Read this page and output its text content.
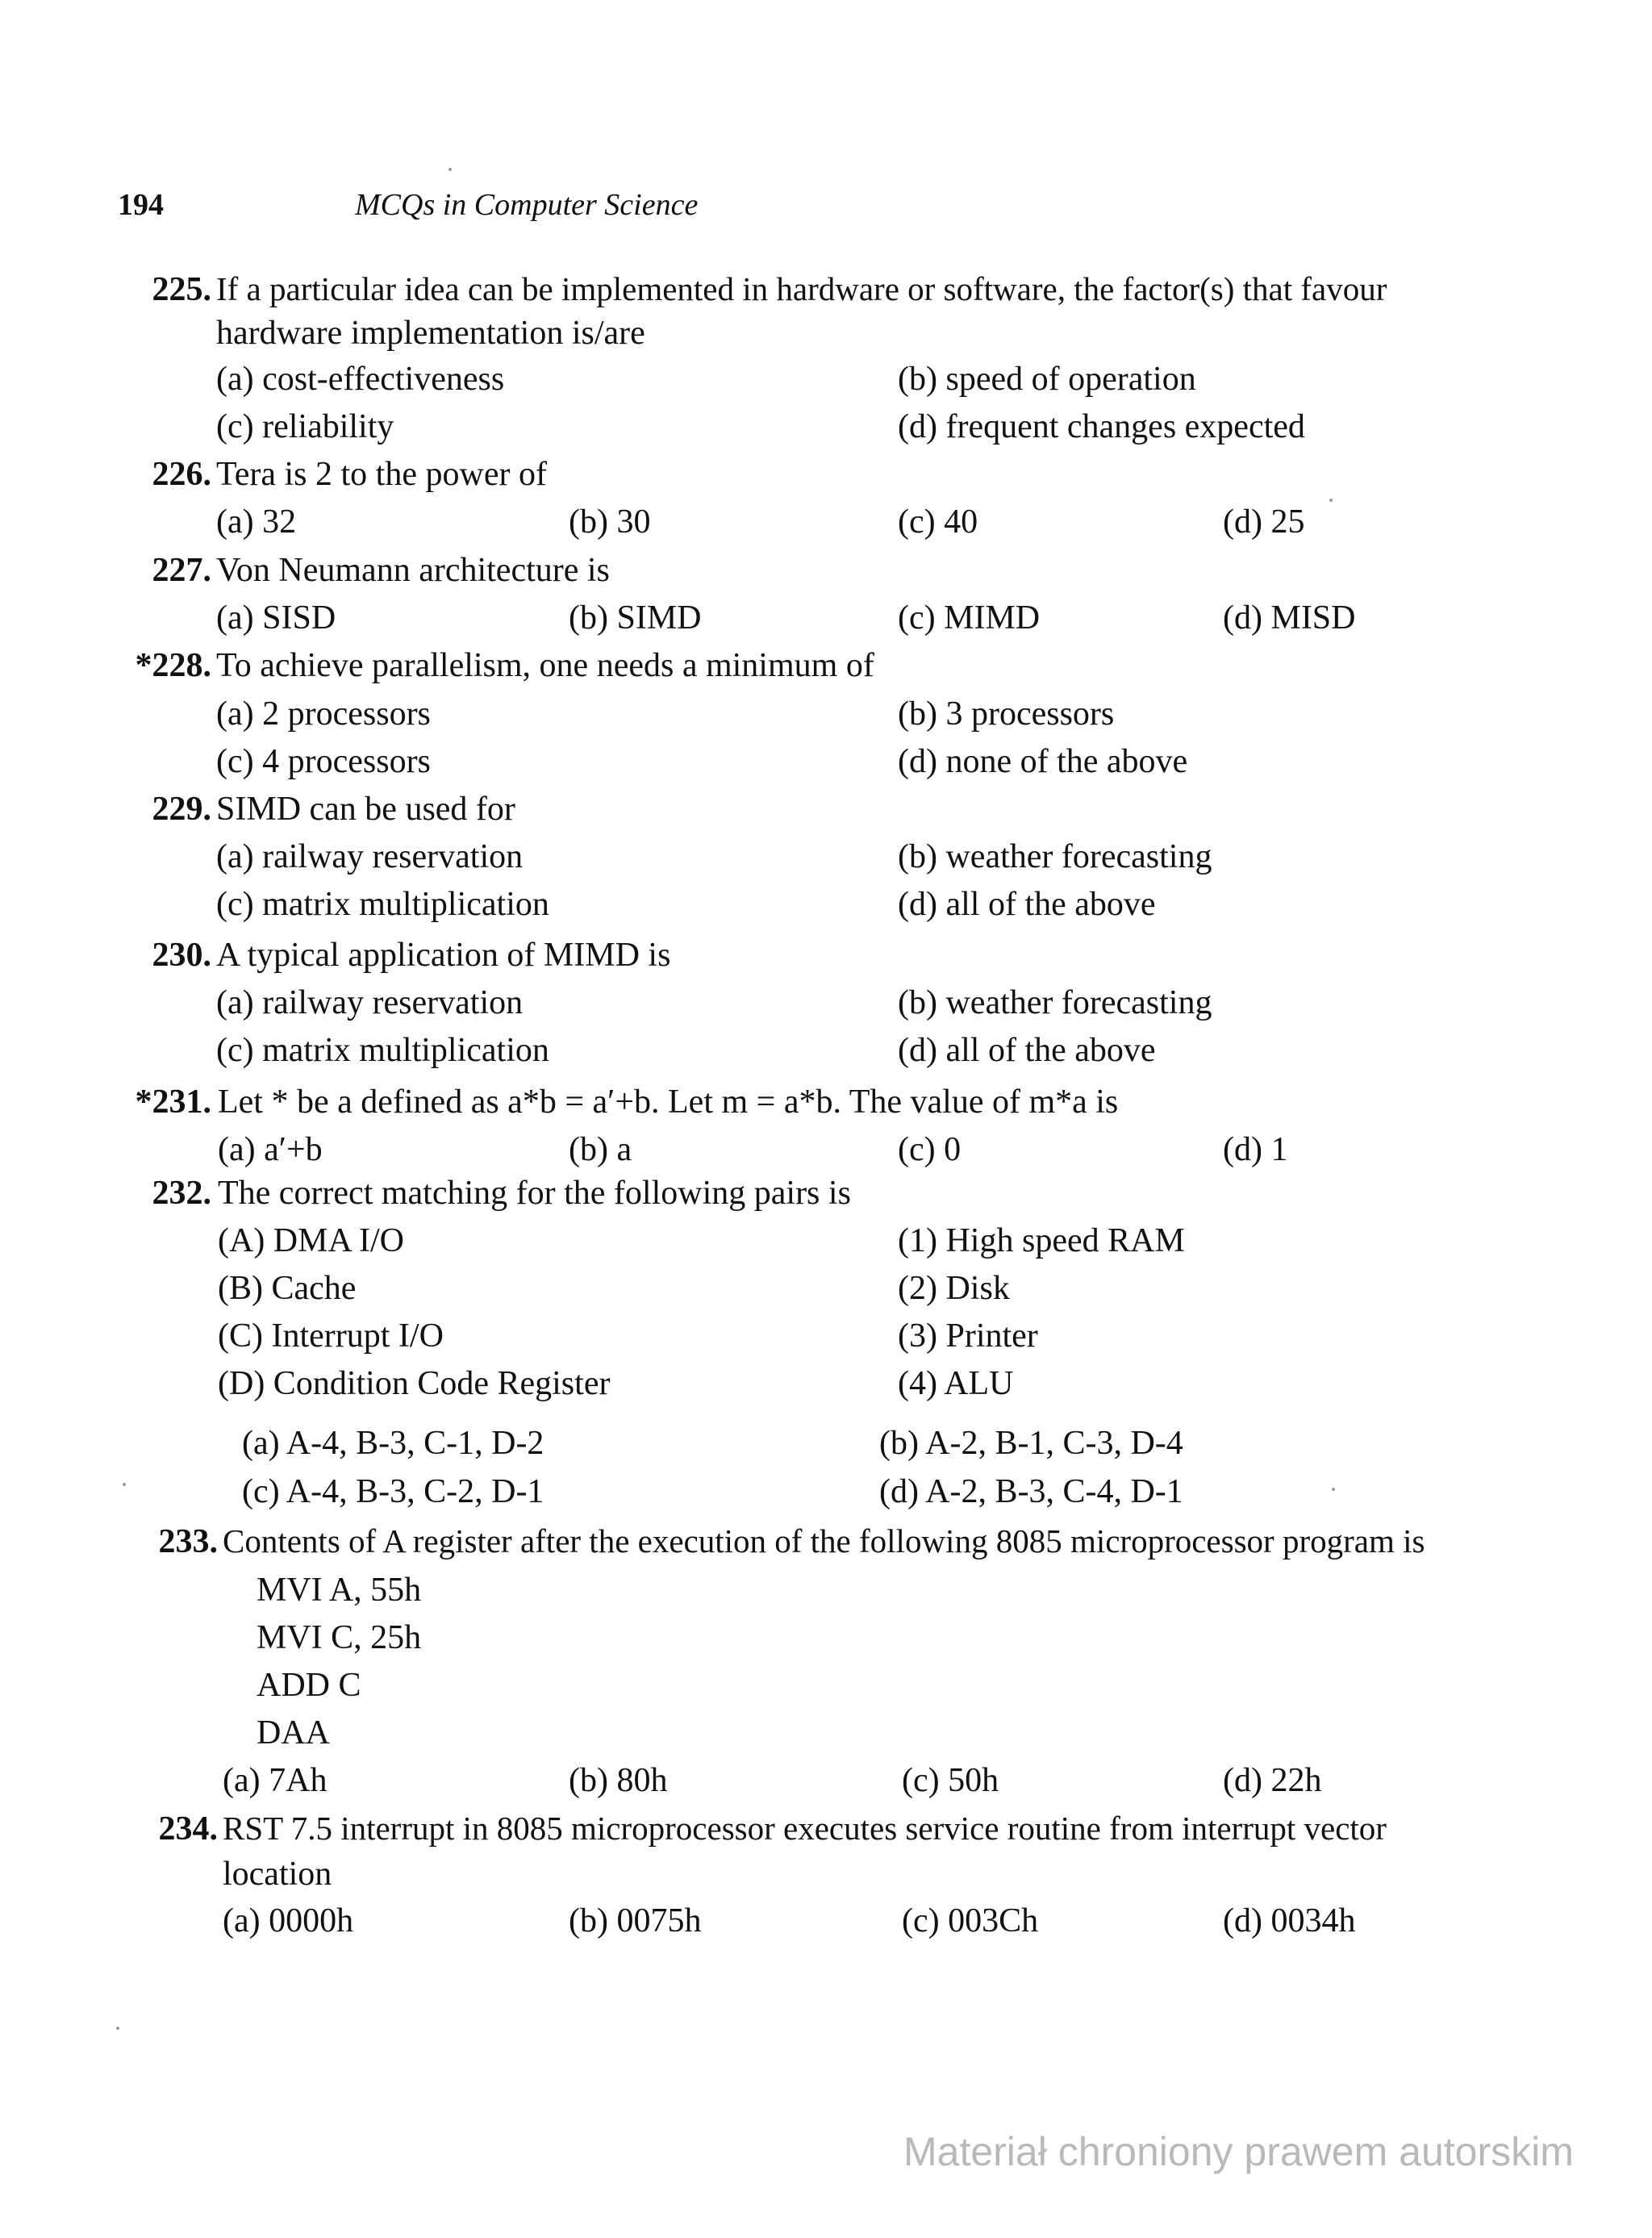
194	MCQs in Computer Science
225. If a particular idea can be implemented in hardware or software, the factor(s) that favour
hardware implementation is/are
(a) cost-effectiveness	(b) speed of operation
(c) reliability	(d) frequent changes expected
226. Tera is 2 to the power of
(a) 32	(b) 30	(c) 40	(d) 25
227. Von Neumann architecture is
(a) SISD	(b) SIMD	(c) MIMD	(d) MISD
*228. To achieve parallelism, one needs a minimum of
(a) 2 processors	(b) 3 processors
(c) 4 processors	(d) none of the above
229. SIMD can be used for
(a) railway reservation	(b) weather forecasting
(c) matrix multiplication	(d) all of the above
230. A typical application of MIMD is
(a) railway reservation	(b) weather forecasting
(c) matrix multiplication	(d) all of the above
*231. Let * be a defined as a*b = a′+b. Let m = a*b. The value of m*a is
(a) a′+b	(b) a	(c) 0	(d) 1
232. The correct matching for the following pairs is
(A) DMA I/O	(1) High speed RAM
(B) Cache	(2) Disk
(C) Interrupt I/O	(3) Printer
(D) Condition Code Register	(4) ALU
(a) A-4, B-3, C-1, D-2	(b) A-2, B-1, C-3, D-4
(c) A-4, B-3, C-2, D-1	(d) A-2, B-3, C-4, D-1
233. Contents of A register after the execution of the following 8085 microprocessor program is
MVI A, 55h
MVI C, 25h
ADD C
DAA
(a) 7Ah	(b) 80h	(c) 50h	(d) 22h
234. RST 7.5 interrupt in 8085 microprocessor executes service routine from interrupt vector
location
(a) 0000h	(b) 0075h	(c) 003Ch	(d) 0034h
Materiał chroniony prawem autorskim
